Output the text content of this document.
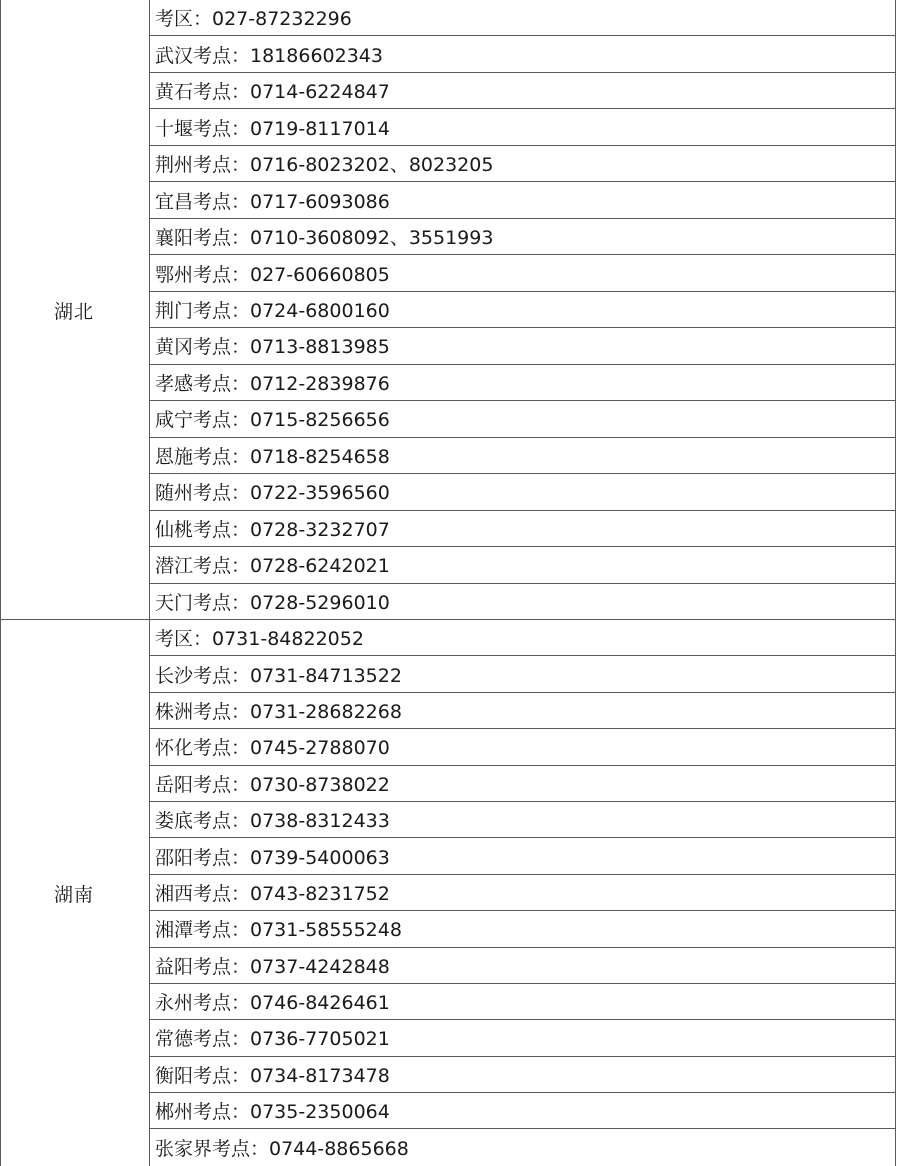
湖北
考区：027-87232296
武汉考点：18186602343
黄石考点：0714-6224847
十堰考点：0719-8117014
荆州考点：0716-8023202、8023205
宜昌考点：0717-6093086
襄阳考点：0710-3608092、3551993
鄂州考点：027-60660805
荆门考点：0724-6800160
黄冈考点：0713-8813985
孝感考点：0712-2839876
咸宁考点：0715-8256656
恩施考点：0718-8254658
随州考点：0722-3596560
仙桃考点：0728-3232707
潜江考点：0728-6242021
天门考点：0728-5296010
湖南
考区：0731-84822052
长沙考点：0731-84713522
株洲考点：0731-28682268
怀化考点：0745-2788070
岳阳考点：0730-8738022
娄底考点：0738-8312433
邵阳考点：0739-5400063
湘西考点：0743-8231752
湘潭考点：0731-58555248
益阳考点：0737-4242848
永州考点：0746-8426461
常德考点：0736-7705021
衡阳考点：0734-8173478
郴州考点：0735-2350064
张家界考点：0744-8865668
